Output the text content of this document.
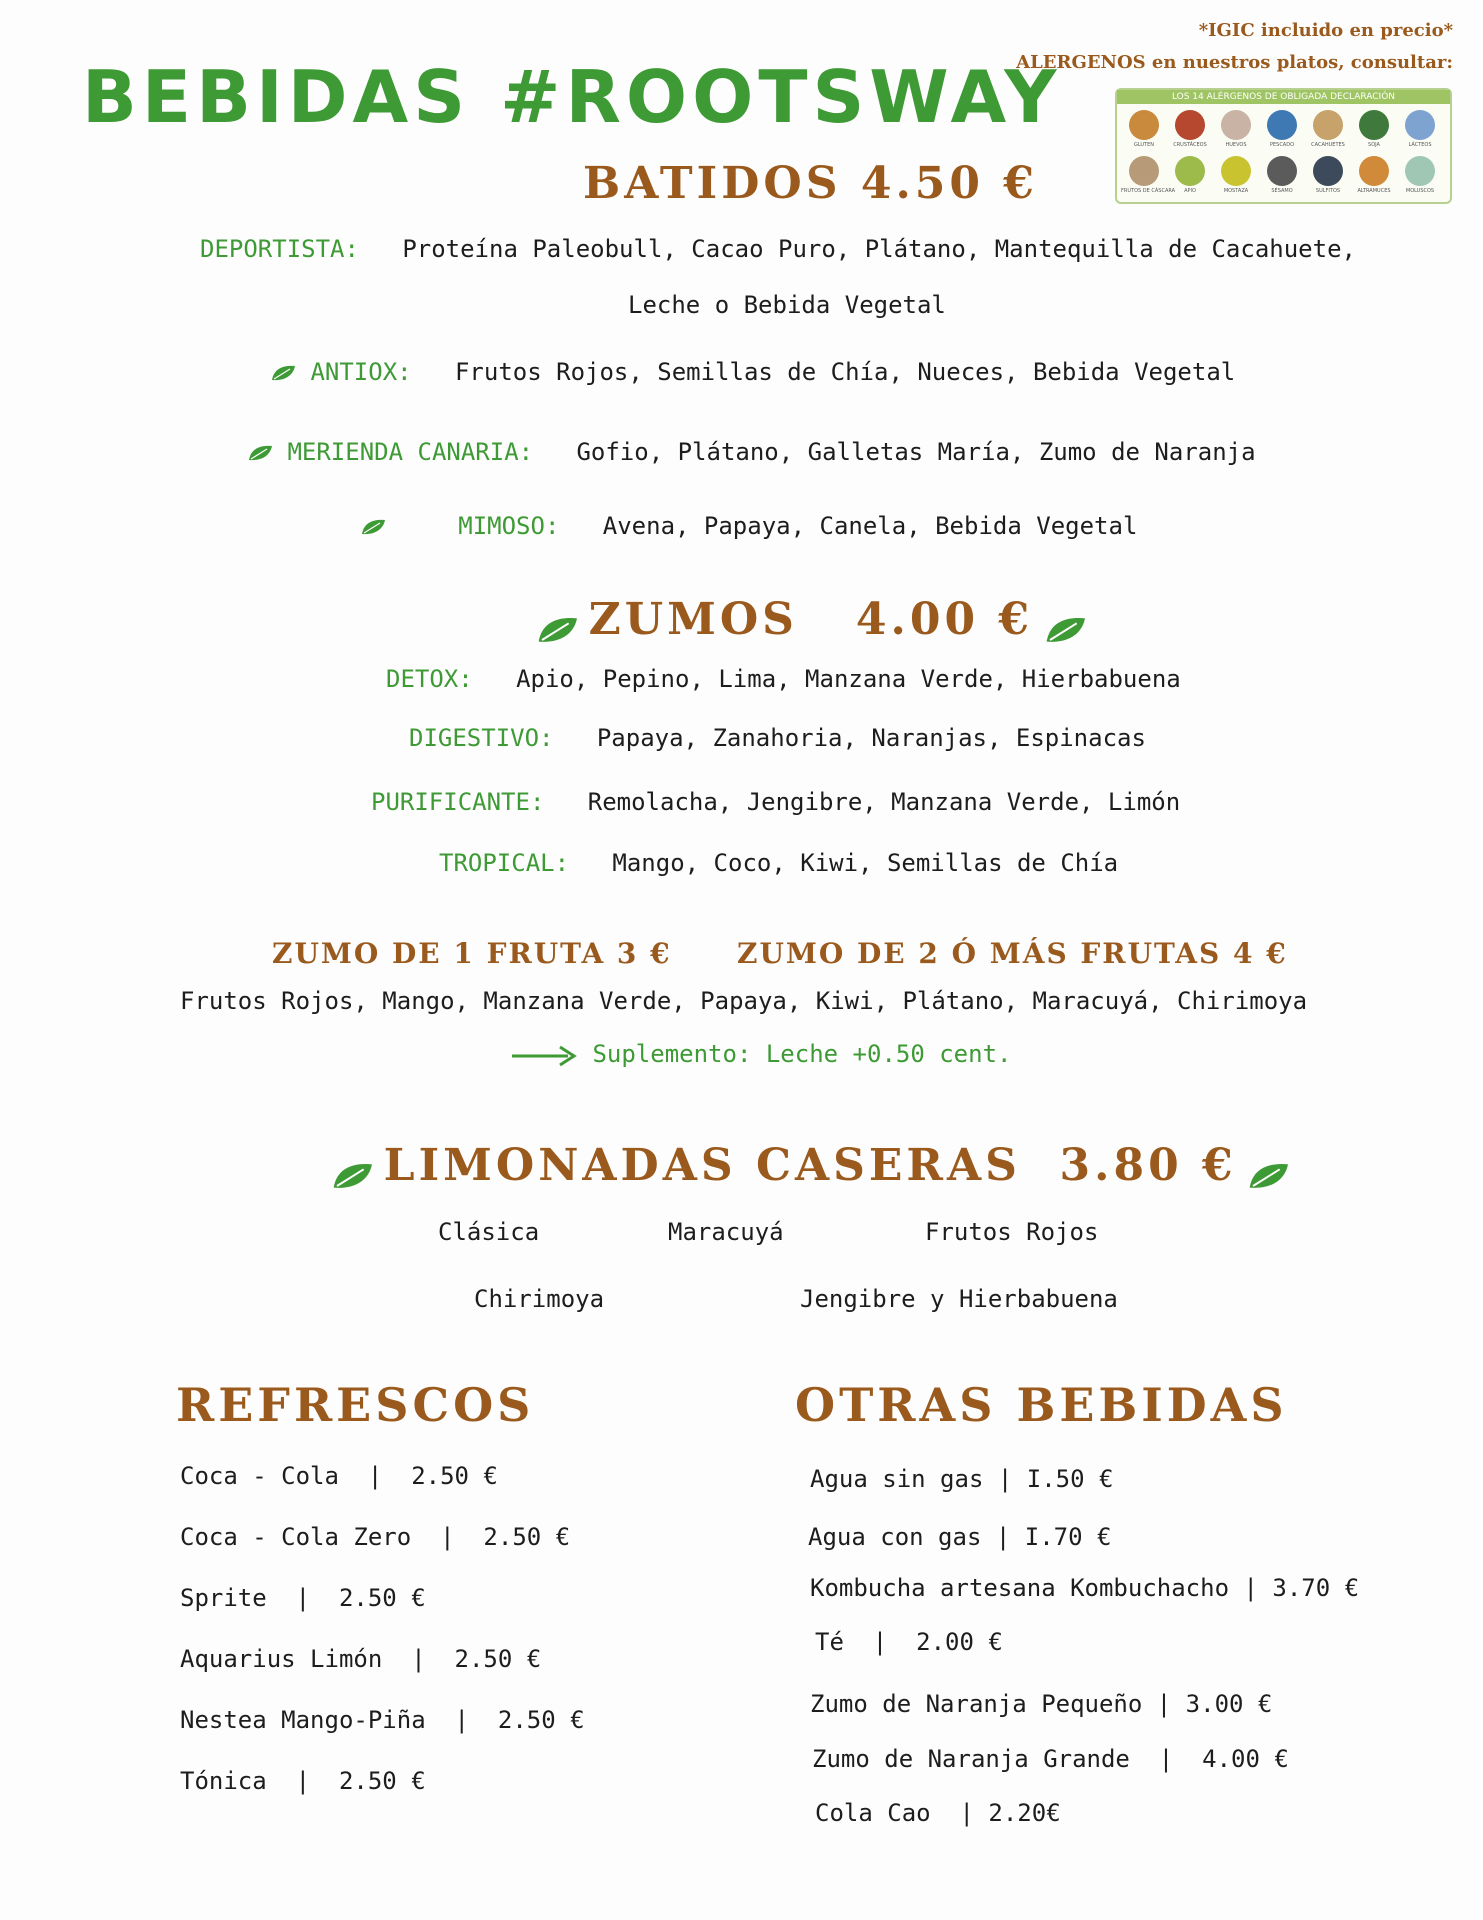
BEBIDAS #ROOTSWAY
*IGIC incluido en precio*
ALERGENOS en nuestros platos, consultar:
LOS 14 ALÉRGENOS DE OBLIGADA DECLARACIÓN
GLUTEN	CRUSTÁCEOS	HUEVOS	PESCADO	CACAHUETES	SOJA	LÁCTEOS
FRUTOS DE CÁSCARA	APIO	MOSTAZA	SÉSAMO	SULFITOS	ALTRAMUCES	MOLUSCOS
BATIDOS 4.50 €
DEPORTISTA: Proteína Paleobull, Cacao Puro, Plátano, Mantequilla de Cacahuete,
Leche o Bebida Vegetal
ANTIOX: Frutos Rojos, Semillas de Chía, Nueces, Bebida Vegetal
MERIENDA CANARIA: Gofio, Plátano, Galletas María, Zumo de Naranja
MIMOSO: Avena, Papaya, Canela, Bebida Vegetal
ZUMOS   4.00 €
DETOX: Apio, Pepino, Lima, Manzana Verde, Hierbabuena
DIGESTIVO: Papaya, Zanahoria, Naranjas, Espinacas
PURIFICANTE: Remolacha, Jengibre, Manzana Verde, Limón
TROPICAL: Mango, Coco, Kiwi, Semillas de Chía
ZUMO DE 1 FRUTA 3 € ZUMO DE 2 Ó MÁS FRUTAS 4 €
Frutos Rojos, Mango, Manzana Verde, Papaya, Kiwi, Plátano, Maracuyá, Chirimoya
Suplemento: Leche +0.50 cent.
LIMONADAS CASERAS  3.80 €
Clásica	Maracuyá	Frutos Rojos
Chirimoya	Jengibre y Hierbabuena
REFRESCOS
Coca - Cola  |  2.50 €
Coca - Cola Zero  |  2.50 €
Sprite  |  2.50 €
Aquarius Limón  |  2.50 €
Nestea Mango-Piña  |  2.50 €
Tónica  |  2.50 €
OTRAS BEBIDAS
Agua sin gas | I.50 €
Agua con gas | I.70 €
Kombucha artesana Kombuchacho | 3.70 €
Té  |  2.00 €
Zumo de Naranja Pequeño | 3.00 €
Zumo de Naranja Grande  |  4.00 €
Cola Cao  | 2.20€
